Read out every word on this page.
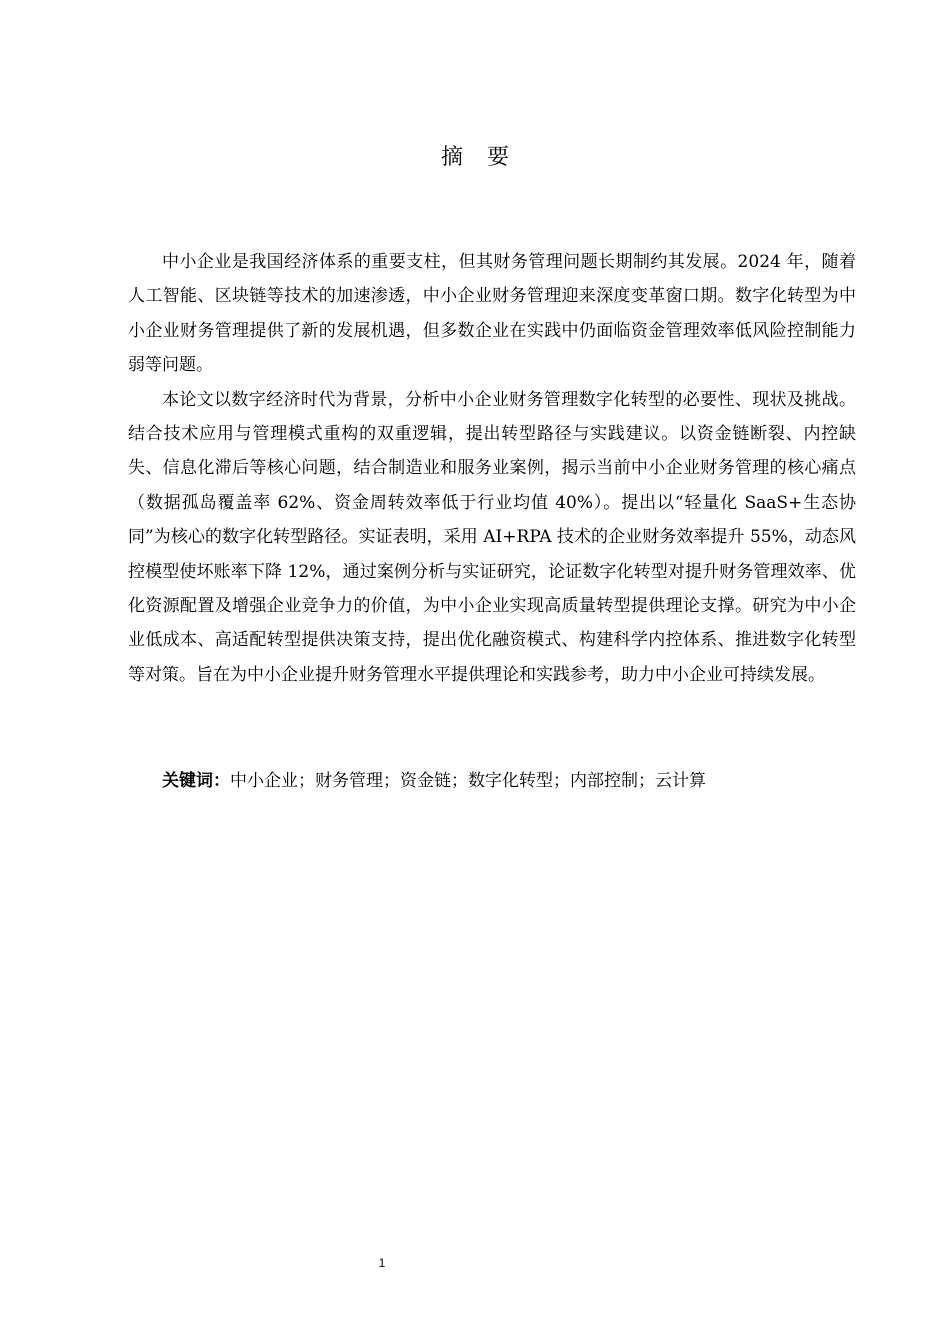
摘要

中小企业是我国经济体系的重要支柱，但其财务管理问题长期制约其发展。2024 年，随着人工智能、区块链等技术的加速渗透，中小企业财务管理迎来深度变革窗口期。数字化转型为中小企业财务管理提供了新的发展机遇，但多数企业在实践中仍面临资金管理效率低风险控制能力弱等问题。

本论文以数字经济时代为背景，分析中小企业财务管理数字化转型的必要性、现状及挑战。结合技术应用与管理模式重构的双重逻辑，提出转型路径与实践建议。以资金链断裂、内控缺失、信息化滞后等核心问题，结合制造业和服务业案例，揭示当前中小企业财务管理的核心痛点（数据孤岛覆盖率 62%、资金周转效率低于行业均值 40%）。提出以“轻量化 SaaS+生态协同”为核心的数字化转型路径。实证表明，采用 AI+RPA 技术的企业财务效率提升 55%，动态风控模型使坏账率下降 12%，通过案例分析与实证研究，论证数字化转型对提升财务管理效率、优化资源配置及增强企业竞争力的价值，为中小企业实现高质量转型提供理论支撑。研究为中小企业低成本、高适配转型提供决策支持，提出优化融资模式、构建科学内控体系、推进数字化转型等对策。旨在为中小企业提升财务管理水平提供理论和实践参考，助力中小企业可持续发展。

关键词：中小企业；财务管理；资金链；数字化转型；内部控制；云计算
1
